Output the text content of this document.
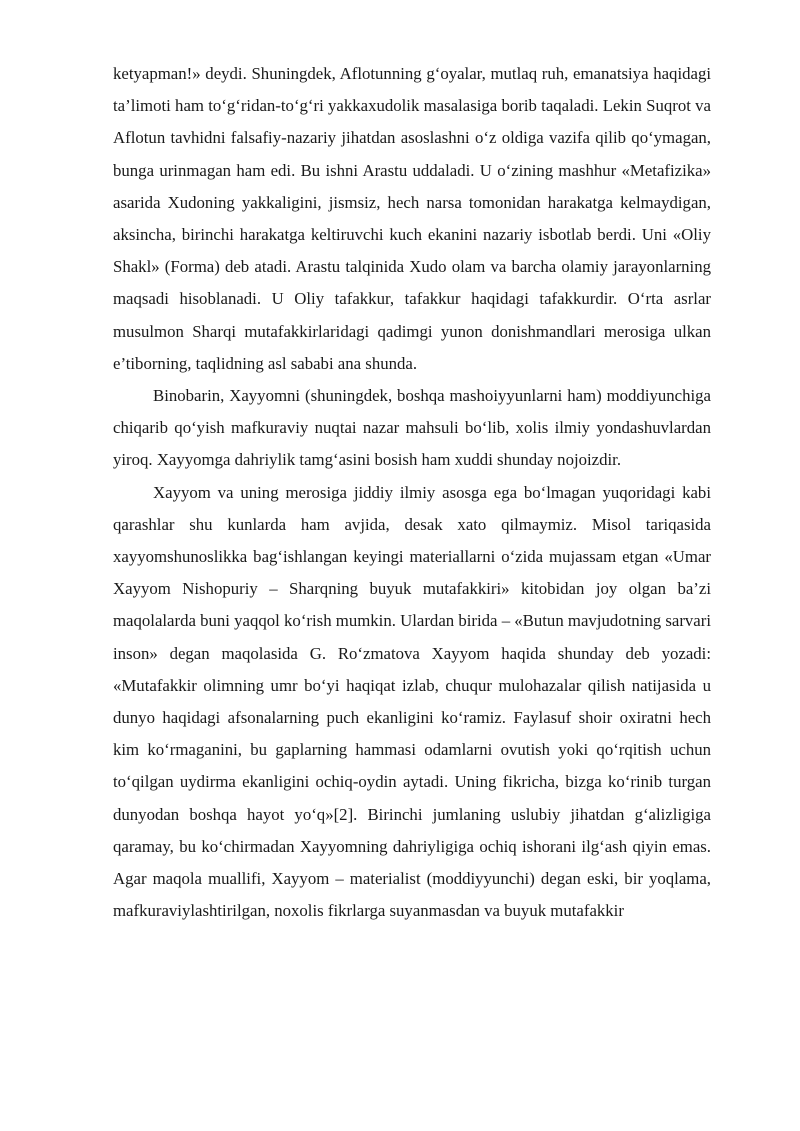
ketyapman!» deydi. Shuningdek, Aflotunning g‘oyalar, mutlaq ruh, emanatsiya haqidagi ta’limoti ham to‘g‘ridan-to‘g‘ri yakkaxudolik masalasiga borib taqaladi. Lekin Suqrot va Aflotun tavhidni falsafiy-nazariy jihatdan asoslashni o‘z oldiga vazifa qilib qo‘ymagan, bunga urinmagan ham edi. Bu ishni Arastu uddaladi. U o‘zining mashhur «Metafizika» asarida Xudoning yakkaligini, jismsiz, hech narsa tomonidan harakatga kelmaydigan, aksincha, birinchi harakatga keltiruvchi kuch ekanini nazariy isbotlab berdi. Uni «Oliy Shakl» (Forma) deb atadi. Arastu talqinida Xudo olam va barcha olamiy jarayonlarning maqsadi hisoblanadi. U Oliy tafakkur, tafakkur haqidagi tafakkurdir. O‘rta asrlar musulmon Sharqi mutafakkirlaridagi qadimgi yunon donishmandlari merosiga ulkan e’tiborning, taqlidning asl sababi ana shunda.

Binobarin, Xayyomni (shuningdek, boshqa mashoiyyunlarni ham) moddiyunchiga chiqarib qo‘yish mafkuraviy nuqtai nazar mahsuli bo‘lib, xolis ilmiy yondashuvlardan yiroq. Xayyomga dahriylik tamg‘asini bosish ham xuddi shunday nojoizdir.

Xayyom va uning merosiga jiddiy ilmiy asosga ega bo‘lmagan yuqoridagi kabi qarashlar shu kunlarda ham avjida, desak xato qilmaymiz. Misol tariqasida xayyomshunoslikka bag‘ishlangan keyingi materiallarni o‘zida mujassam etgan «Umar Xayyom Nishopuriy – Sharqning buyuk mutafakkiri» kitobidan joy olgan ba’zi maqolalarda buni yaqqol ko‘rish mumkin. Ulardan birida – «Butun mavjudotning sarvari inson» degan maqolasida G. Ro‘zmatova Xayyom haqida shunday deb yozadi: «Mutafakkir olimning umr bo‘yi haqiqat izlab, chuqur mulohazalar qilish natijasida u dunyo haqidagi afsonalarning puch ekanligini ko‘ramiz. Faylasuf shoir oxiratni hech kim ko‘rmaganini, bu gaplarning hammasi odamlarni ovutish yoki qo‘rqitish uchun to‘qilgan uydirma ekanligini ochiq-oydin aytadi. Uning fikricha, bizga ko‘rinib turgan dunyodan boshqa hayot yo‘q»[2]. Birinchi jumlaning uslubiy jihatdan g‘alizligiga qaramay, bu ko‘chirmadan Xayyomning dahriyligiga ochiq ishorani ilg‘ash qiyin emas. Agar maqola muallifi, Xayyom – materialist (moddiyyunchi) degan eski, bir yoqlama, mafkuraviylashtirilgan, noxolis fikrlarga suyanmasdan va buyuk mutafakkir
